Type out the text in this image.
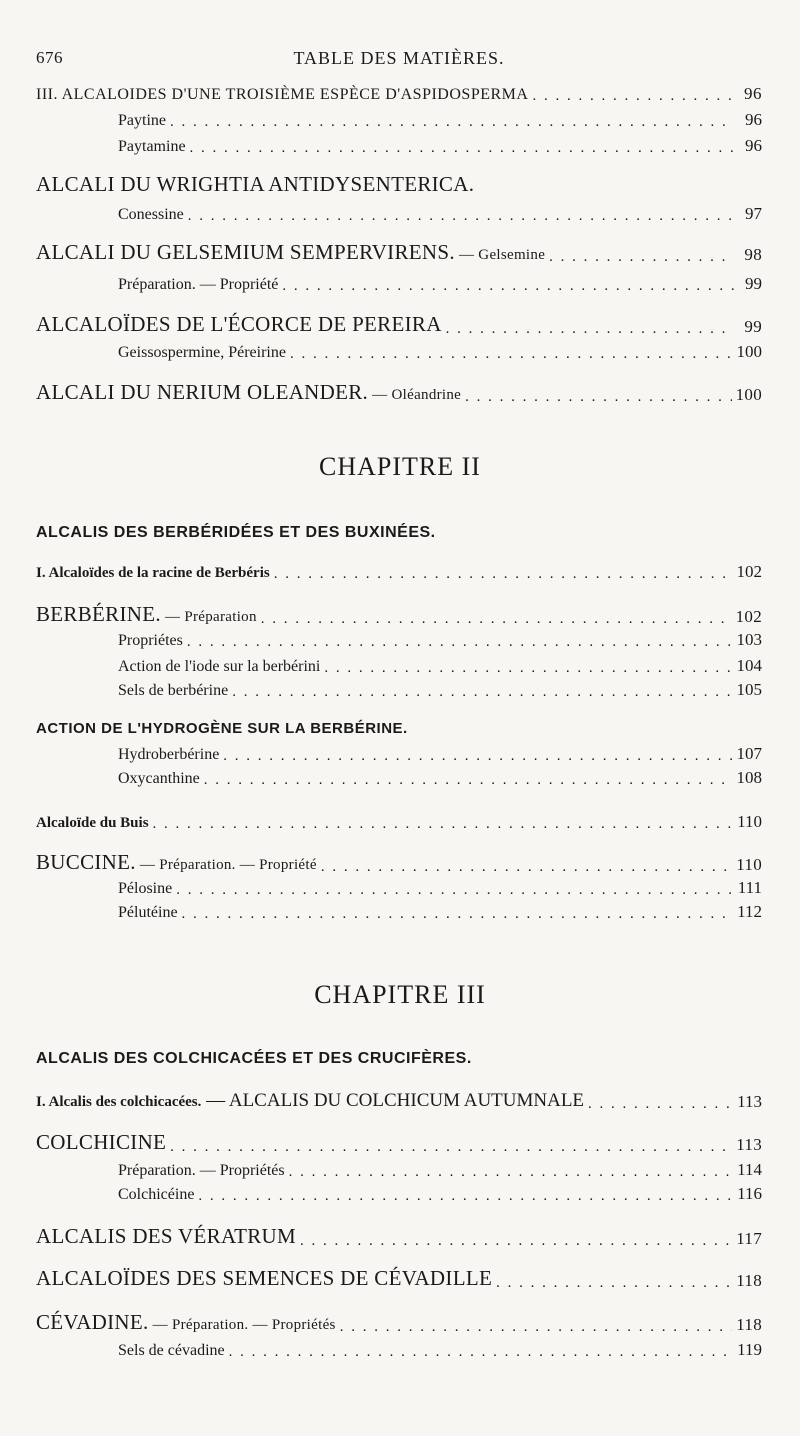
676	TABLE DES MATIÈRES.
III. ALCALOIDES D'UNE TROISIÈME ESPÈCE D'ASPIDOSPERMA . . .	96
Paytine . . .	96
Paytamine . . .	96
ALCALI DU WRIGHTIA ANTIDYSENTERICA.
Conessine . . .	97
ALCALI DU GELSEMIUM SEMPERVIRENS. — Gelsemine . . .	98
Préparation. — Propriété . . .	99
ALCALOÏDES DE L'ÉCORCE DE PEREIRA . . .	99
Geissospermine, Péreirine . . .	100
ALCALI DU NERIUM OLEANDER. — Oléandrine . . .	100
CHAPITRE II
ALCALIS DES BERBÉRIDÉES ET DES BUXINÉES.
I. Alcaloïdes de la racine de Berbéris . . .	102
BERBÉRINE. — Préparation . . .	102
Propriétes . . .	103
Action de l'iode sur la berbérini . . .	104
Sels de berbérine . . .	105
ACTION DE L'HYDROGÈNE SUR LA BERBÉRINE.
Hydroberbérine . . .	107
Oxycanthine . . .	108
Alcaloïde du Buis . . .	110
BUCCINE. — Préparation. — Propriété . . .	110
Pélosine . . .	111
Pélutéine . . .	112
CHAPITRE III
ALCALIS DES COLCHICACÉES ET DES CRUCIFÈRES.
I. Alcalis des colchicacées. — ALCALIS DU COLCHICUM AUTUMNALE . . .	113
COLCHICINE . . .	113
Préparation. — Propriétés . . .	114
Colchicéine . . .	116
ALCALIS DES VÉRATRUM . . .	117
ALCALOÏDES DES SEMENCES DE CÉVADILLE . . .	118
CÉVADINE. — Préparation. — Propriétés . . .	118
Sels de cévadine . . .	119
